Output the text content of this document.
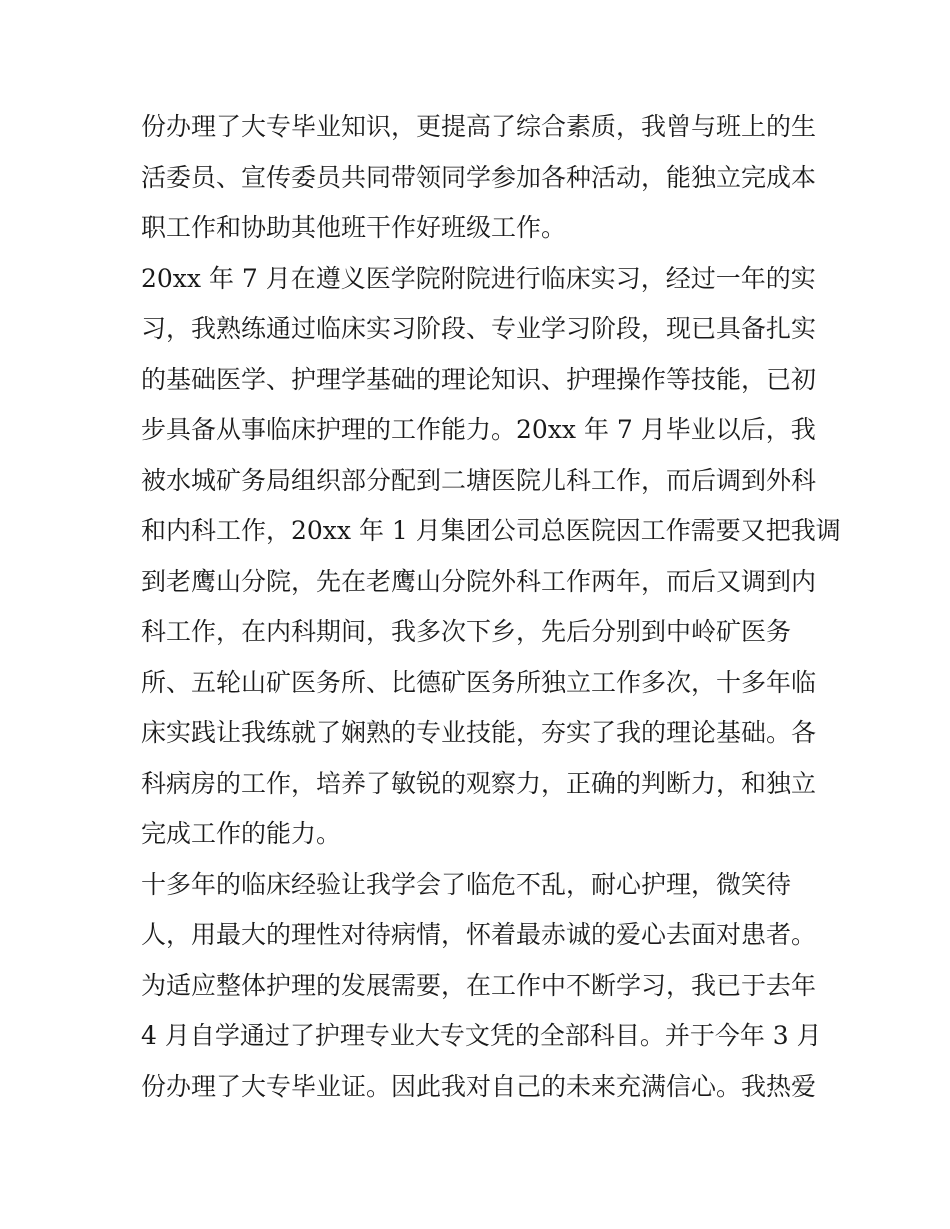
份办理了大专毕业知识，更提高了综合素质，我曾与班上的生
活委员、宣传委员共同带领同学参加各种活动，能独立完成本
职工作和协助其他班干作好班级工作。
20xx 年 7 月在遵义医学院附院进行临床实习，经过一年的实
习，我熟练通过临床实习阶段、专业学习阶段，现已具备扎实
的基础医学、护理学基础的理论知识、护理操作等技能，已初
步具备从事临床护理的工作能力。20xx 年 7 月毕业以后，我
被水城矿务局组织部分配到二塘医院儿科工作，而后调到外科
和内科工作，20xx 年 1 月集团公司总医院因工作需要又把我调
到老鹰山分院，先在老鹰山分院外科工作两年，而后又调到内
科工作，在内科期间，我多次下乡，先后分别到中岭矿医务
所、五轮山矿医务所、比德矿医务所独立工作多次，十多年临
床实践让我练就了娴熟的专业技能，夯实了我的理论基础。各
科病房的工作，培养了敏锐的观察力，正确的判断力，和独立
完成工作的能力。
十多年的临床经验让我学会了临危不乱，耐心护理，微笑待
人，用最大的理性对待病情，怀着最赤诚的爱心去面对患者。
为适应整体护理的发展需要，在工作中不断学习，我已于去年
4 月自学通过了护理专业大专文凭的全部科目。并于今年 3 月
份办理了大专毕业证。因此我对自己的未来充满信心。我热爱
